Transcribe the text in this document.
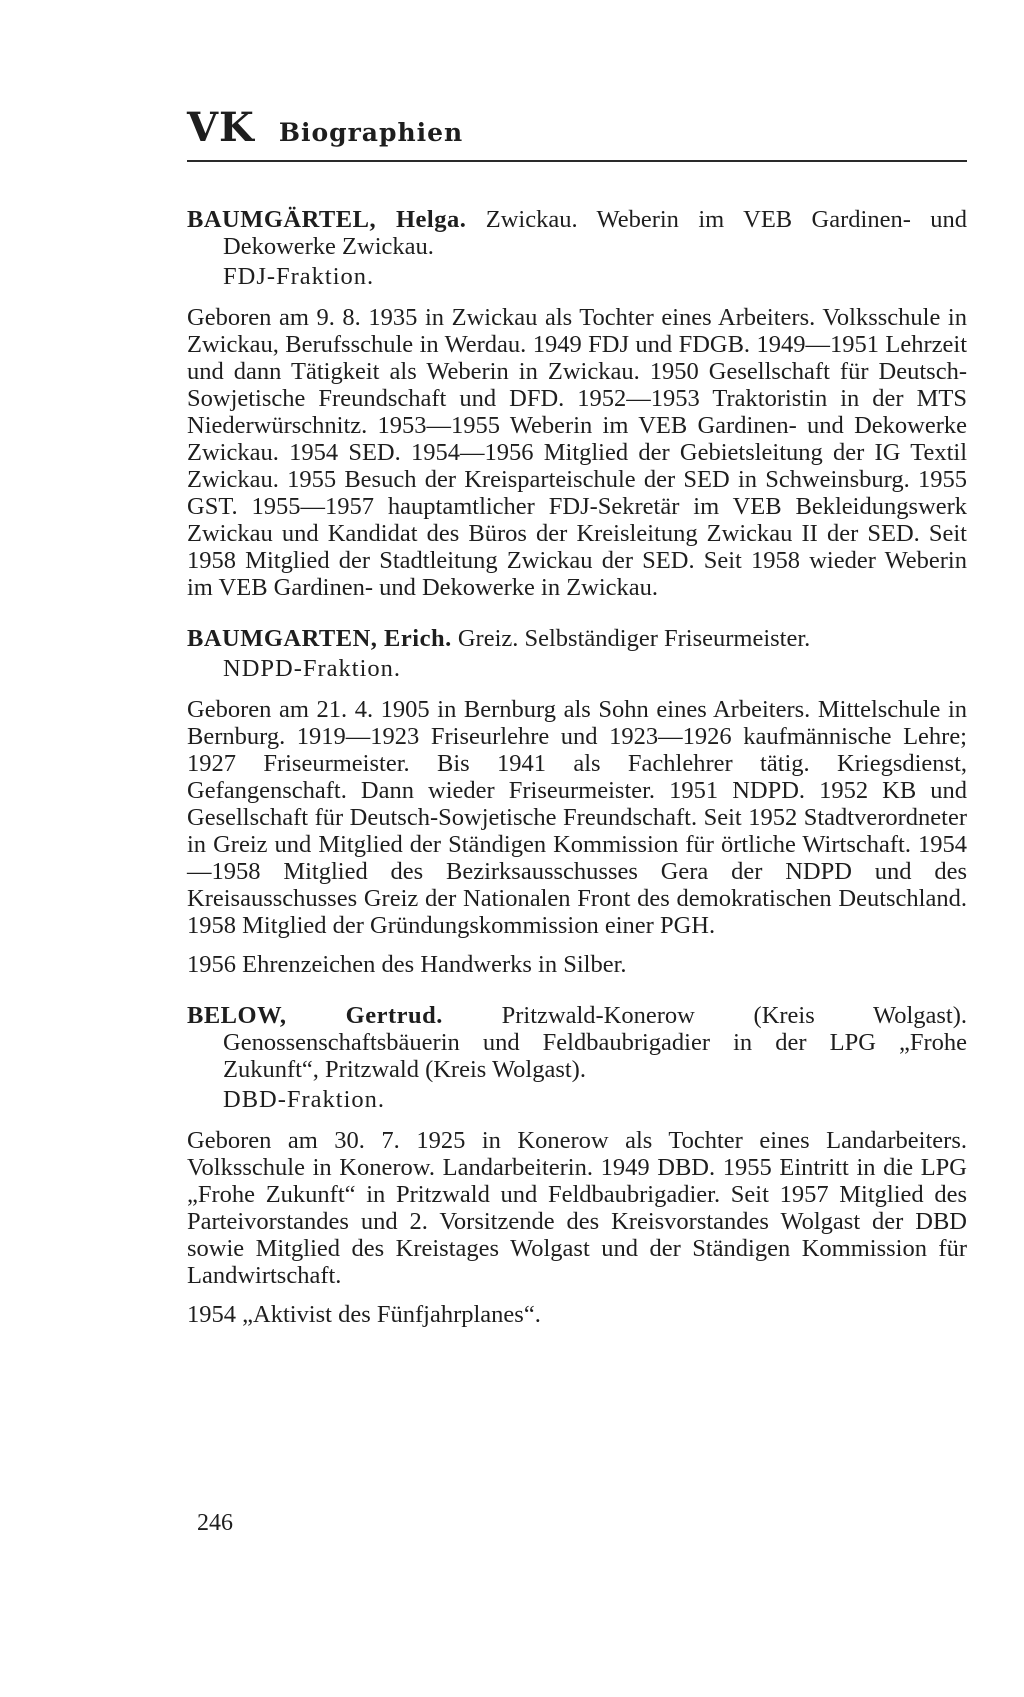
VK Biographien
BAUMGÄRTEL, Helga. Zwickau. Weberin im VEB Gardinen- und Dekowerke Zwickau.
FDJ-Fraktion.
Geboren am 9. 8. 1935 in Zwickau als Tochter eines Arbeiters. Volksschule in Zwickau, Berufsschule in Werdau. 1949 FDJ und FDGB. 1949—1951 Lehrzeit und dann Tätigkeit als Weberin in Zwickau. 1950 Gesellschaft für Deutsch-Sowjetische Freundschaft und DFD. 1952—1953 Traktoristin in der MTS Niederwürschnitz. 1953—1955 Weberin im VEB Gardinen- und Dekowerke Zwickau. 1954 SED. 1954—1956 Mitglied der Gebietsleitung der IG Textil Zwickau. 1955 Besuch der Kreisparteischule der SED in Schweinsburg. 1955 GST. 1955—1957 hauptamtlicher FDJ-Sekretär im VEB Bekleidungswerk Zwickau und Kandidat des Büros der Kreisleitung Zwickau II der SED. Seit 1958 Mitglied der Stadtleitung Zwickau der SED. Seit 1958 wieder Weberin im VEB Gardinen- und Dekowerke in Zwickau.
BAUMGARTEN, Erich. Greiz. Selbständiger Friseurmeister.
NDPD-Fraktion.
Geboren am 21. 4. 1905 in Bernburg als Sohn eines Arbeiters. Mittelschule in Bernburg. 1919—1923 Friseurlehre und 1923—1926 kaufmännische Lehre; 1927 Friseurmeister. Bis 1941 als Fachlehrer tätig. Kriegsdienst, Gefangenschaft. Dann wieder Friseurmeister. 1951 NDPD. 1952 KB und Gesellschaft für Deutsch-Sowjetische Freundschaft. Seit 1952 Stadtverordneter in Greiz und Mitglied der Ständigen Kommission für örtliche Wirtschaft. 1954—1958 Mitglied des Bezirksausschusses Gera der NDPD und des Kreisausschusses Greiz der Nationalen Front des demokratischen Deutschland. 1958 Mitglied der Gründungskommission einer PGH.
1956 Ehrenzeichen des Handwerks in Silber.
BELOW, Gertrud. Pritzwald-Konerow (Kreis Wolgast). Genossenschaftsbäuerin und Feldbaubrigadier in der LPG „Frohe Zukunft“, Pritzwald (Kreis Wolgast).
DBD-Fraktion.
Geboren am 30. 7. 1925 in Konerow als Tochter eines Landarbeiters. Volksschule in Konerow. Landarbeiterin. 1949 DBD. 1955 Eintritt in die LPG „Frohe Zukunft“ in Pritzwald und Feldbaubrigadier. Seit 1957 Mitglied des Parteivorstandes und 2. Vorsitzende des Kreisvorstandes Wolgast der DBD sowie Mitglied des Kreistages Wolgast und der Ständigen Kommission für Landwirtschaft.
1954 „Aktivist des Fünfjahrplanes“.
246
